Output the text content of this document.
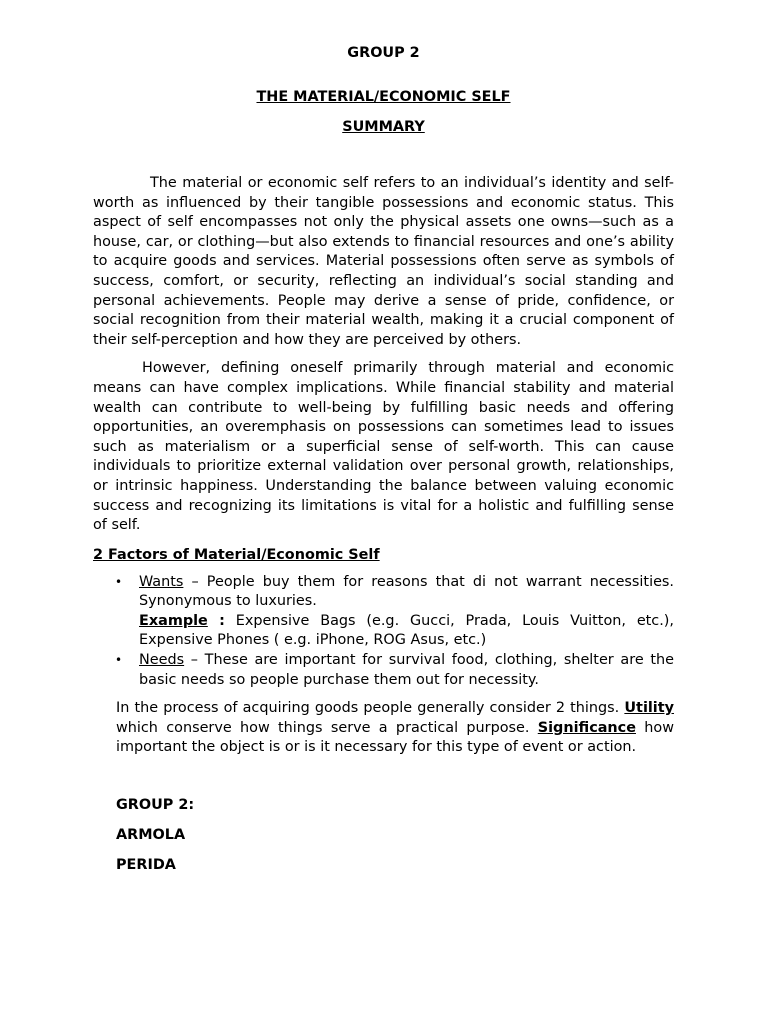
GROUP 2
THE MATERIAL/ECONOMIC SELF
SUMMARY

The material or economic self refers to an individual’s identity and self-worth as influenced by their tangible possessions and economic status. This aspect of self encompasses not only the physical assets one owns—such as a house, car, or clothing—but also extends to financial resources and one’s ability to acquire goods and services. Material possessions often serve as symbols of success, comfort, or security, reflecting an individual’s social standing and personal achievements. People may derive a sense of pride, confidence, or social recognition from their material wealth, making it a crucial component of their self-perception and how they are perceived by others.

However, defining oneself primarily through material and economic means can have complex implications. While financial stability and material wealth can contribute to well-being by fulfilling basic needs and offering opportunities, an overemphasis on possessions can sometimes lead to issues such as materialism or a superficial sense of self-worth. This can cause individuals to prioritize external validation over personal growth, relationships, or intrinsic happiness. Understanding the balance between valuing economic success and recognizing its limitations is vital for a holistic and fulfilling sense of self.

2 Factors of Material/Economic Self
• Wants – People buy them for reasons that di not warrant necessities. Synonymous to luxuries.
Example : Expensive Bags (e.g. Gucci, Prada, Louis Vuitton, etc.), Expensive Phones ( e.g. iPhone, ROG Asus, etc.)
• Needs – These are important for survival food, clothing, shelter are the basic needs so people purchase them out for necessity.
In the process of acquiring goods people generally consider 2 things. Utility which conserve how things serve a practical purpose. Significance how important the object is or is it necessary for this type of event or action.
GROUP 2:
ARMOLA
PERIDA
